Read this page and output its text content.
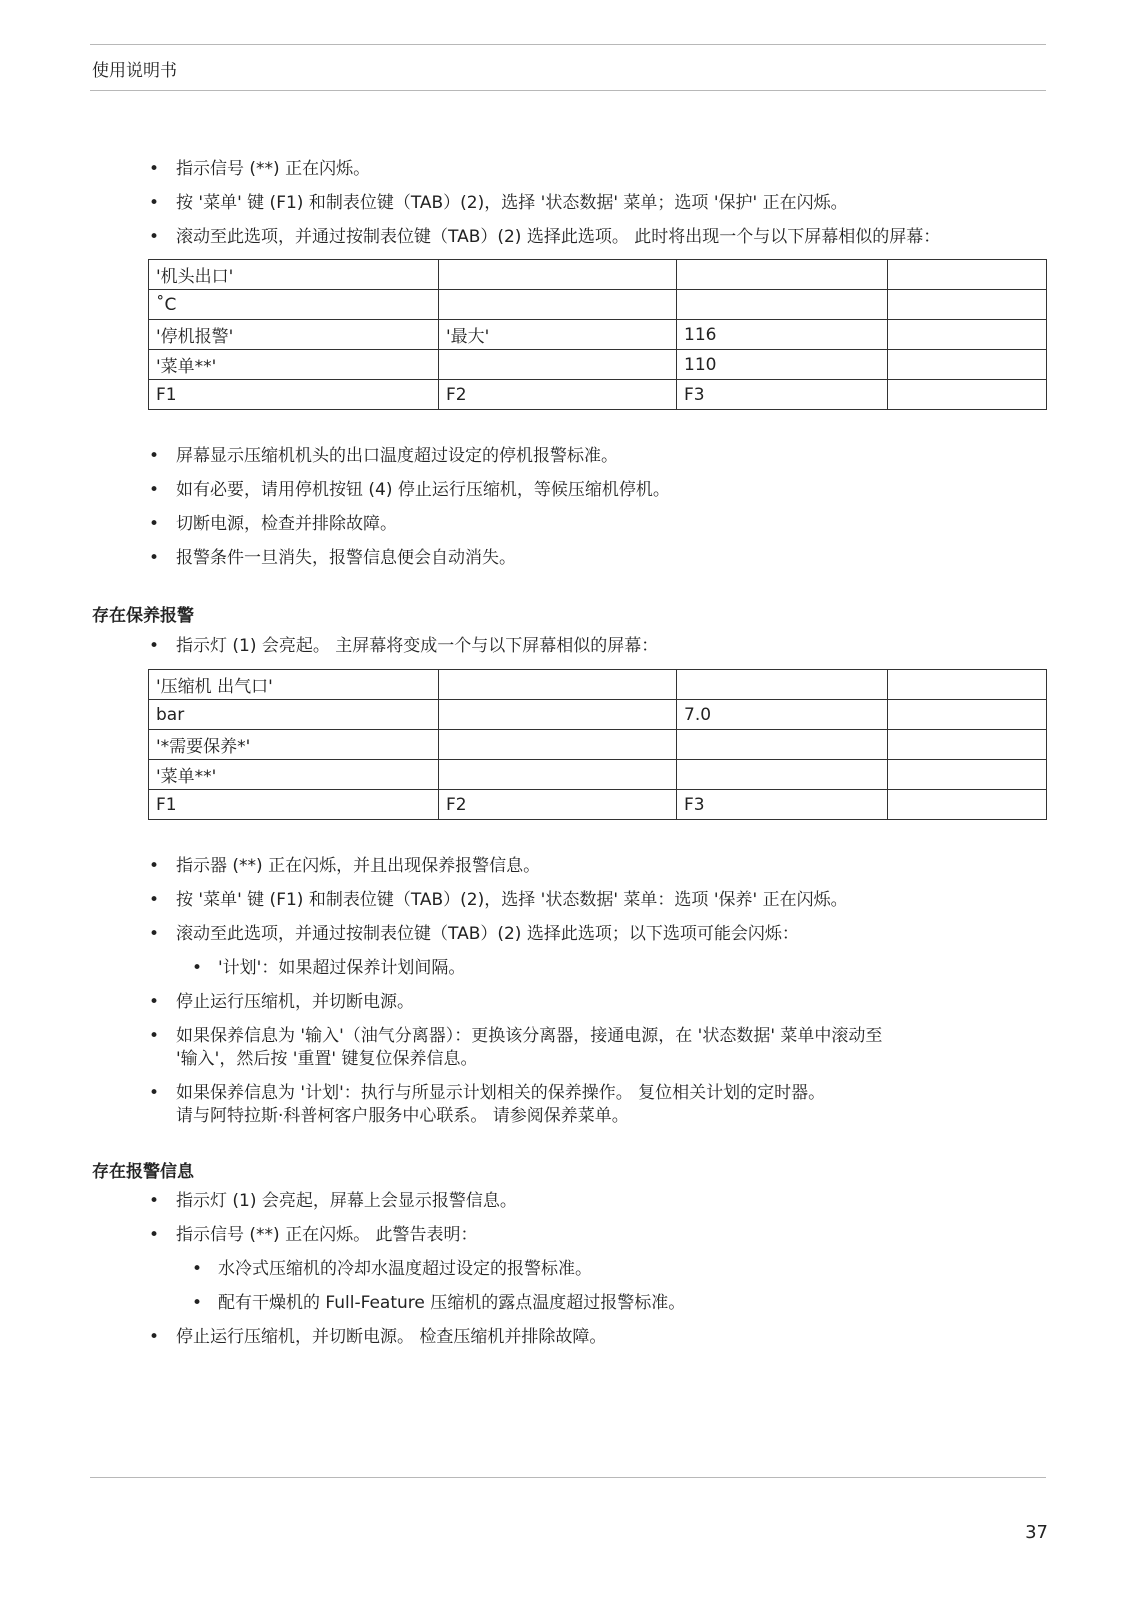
使用说明书
• 指示信号 (**) 正在闪烁。
• 按 '菜单' 键 (F1) 和制表位键（TAB）(2)，选择 '状态数据' 菜单；选项 '保护' 正在闪烁。
• 滚动至此选项，并通过按制表位键（TAB）(2) 选择此选项。 此时将出现一个与以下屏幕相似的屏幕：
'机头出口'			
˚C			
'停机报警'	'最大'	116	
'菜单**'		110	
F1	F2	F3	
• 屏幕显示压缩机机头的出口温度超过设定的停机报警标准。
• 如有必要，请用停机按钮 (4) 停止运行压缩机，等候压缩机停机。
• 切断电源，检查并排除故障。
• 报警条件一旦消失，报警信息便会自动消失。
存在保养报警
• 指示灯 (1) 会亮起。 主屏幕将变成一个与以下屏幕相似的屏幕：
'压缩机 出气口'			
bar		7.0	
'*需要保养*'			
'菜单**'			
F1	F2	F3	
• 指示器 (**) 正在闪烁，并且出现保养报警信息。
• 按 '菜单' 键 (F1) 和制表位键（TAB）(2)，选择 '状态数据' 菜单：选项 '保养' 正在闪烁。
• 滚动至此选项，并通过按制表位键（TAB）(2) 选择此选项；以下选项可能会闪烁：
• '计划'：如果超过保养计划间隔。
• 停止运行压缩机，并切断电源。
• 如果保养信息为 '输入'（油气分离器）：更换该分离器，接通电源，在 '状态数据' 菜单中滚动至
'输入'，然后按 '重置' 键复位保养信息。
• 如果保养信息为 '计划'：执行与所显示计划相关的保养操作。 复位相关计划的定时器。
请与阿特拉斯·科普柯客户服务中心联系。 请参阅保养菜单。
存在报警信息
• 指示灯 (1) 会亮起，屏幕上会显示报警信息。
• 指示信号 (**) 正在闪烁。 此警告表明：
• 水冷式压缩机的冷却水温度超过设定的报警标准。
• 配有干燥机的 Full-Feature 压缩机的露点温度超过报警标准。
• 停止运行压缩机，并切断电源。 检查压缩机并排除故障。
37
